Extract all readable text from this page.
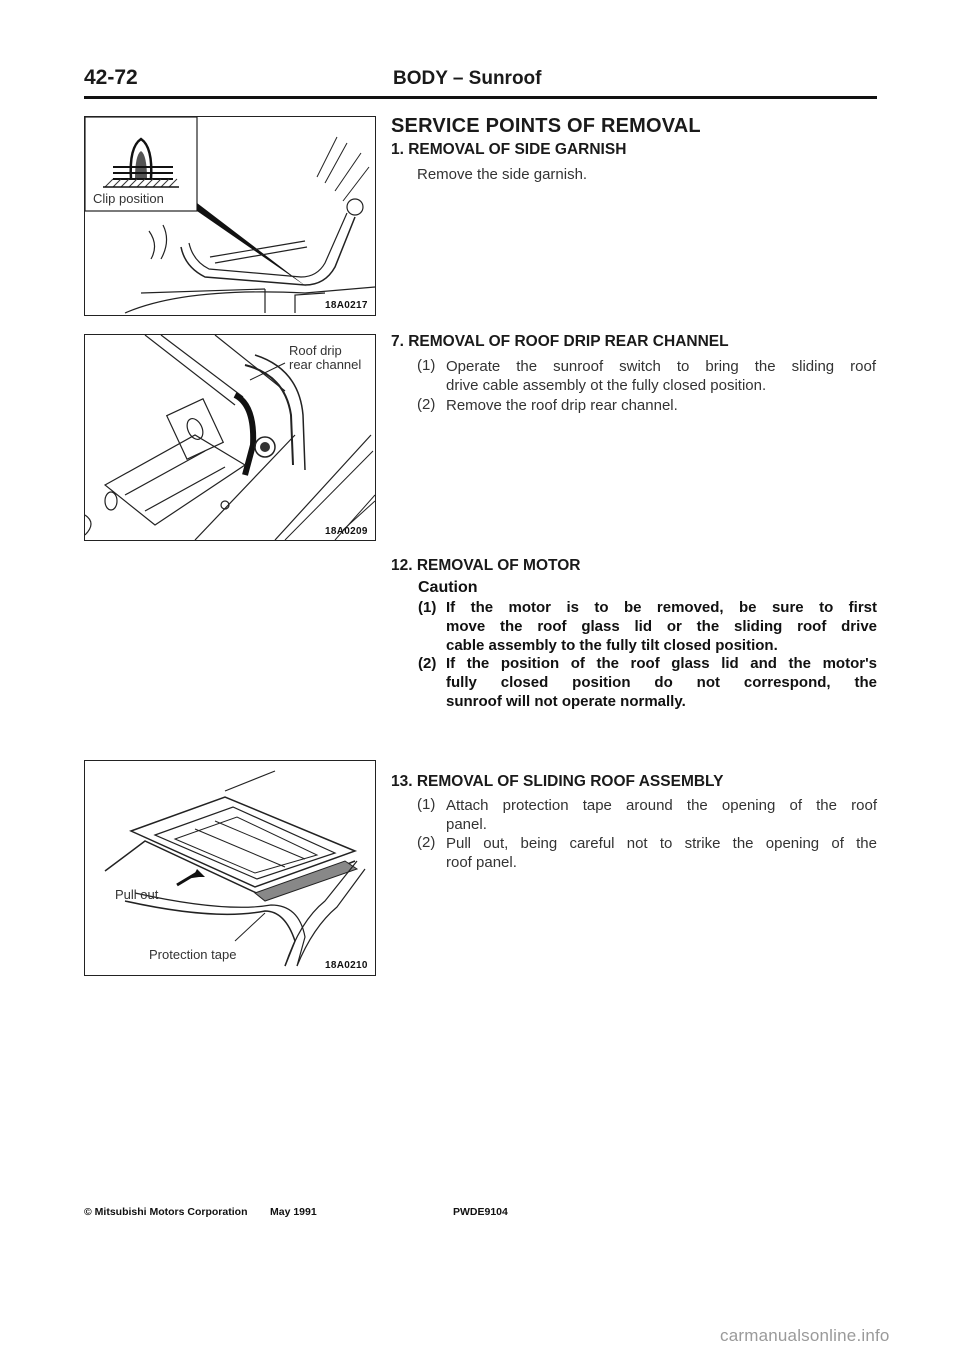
42-72	BODY – Sunroof
Clip position
18A0217
Roof drip
rear channel
18A0209
Pull out
Protection tape
18A0210
SERVICE POINTS OF REMOVAL
1. REMOVAL OF SIDE GARNISH
Remove the side garnish.
7. REMOVAL OF ROOF DRIP REAR CHANNEL
(1) Operate the sunroof switch to bring the sliding roof
drive cable assembly ot the fully closed position.
(2) Remove the roof drip rear channel.
12. REMOVAL OF MOTOR
Caution
(1) If the motor is to be removed, be sure to first
move the roof glass lid or the sliding roof drive
cable assembly to the fully tilt closed position.
(2) If the position of the roof glass lid and the motor's
fully closed position do not correspond, the
sunroof will not operate normally.
13. REMOVAL OF SLIDING ROOF ASSEMBLY
(1) Attach protection tape around the opening of the roof
panel.
(2) Pull out, being careful not to strike the opening of the
roof panel.
© Mitsubishi Motors Corporation May 1991	PWDE9104
carmanualsonline.info
